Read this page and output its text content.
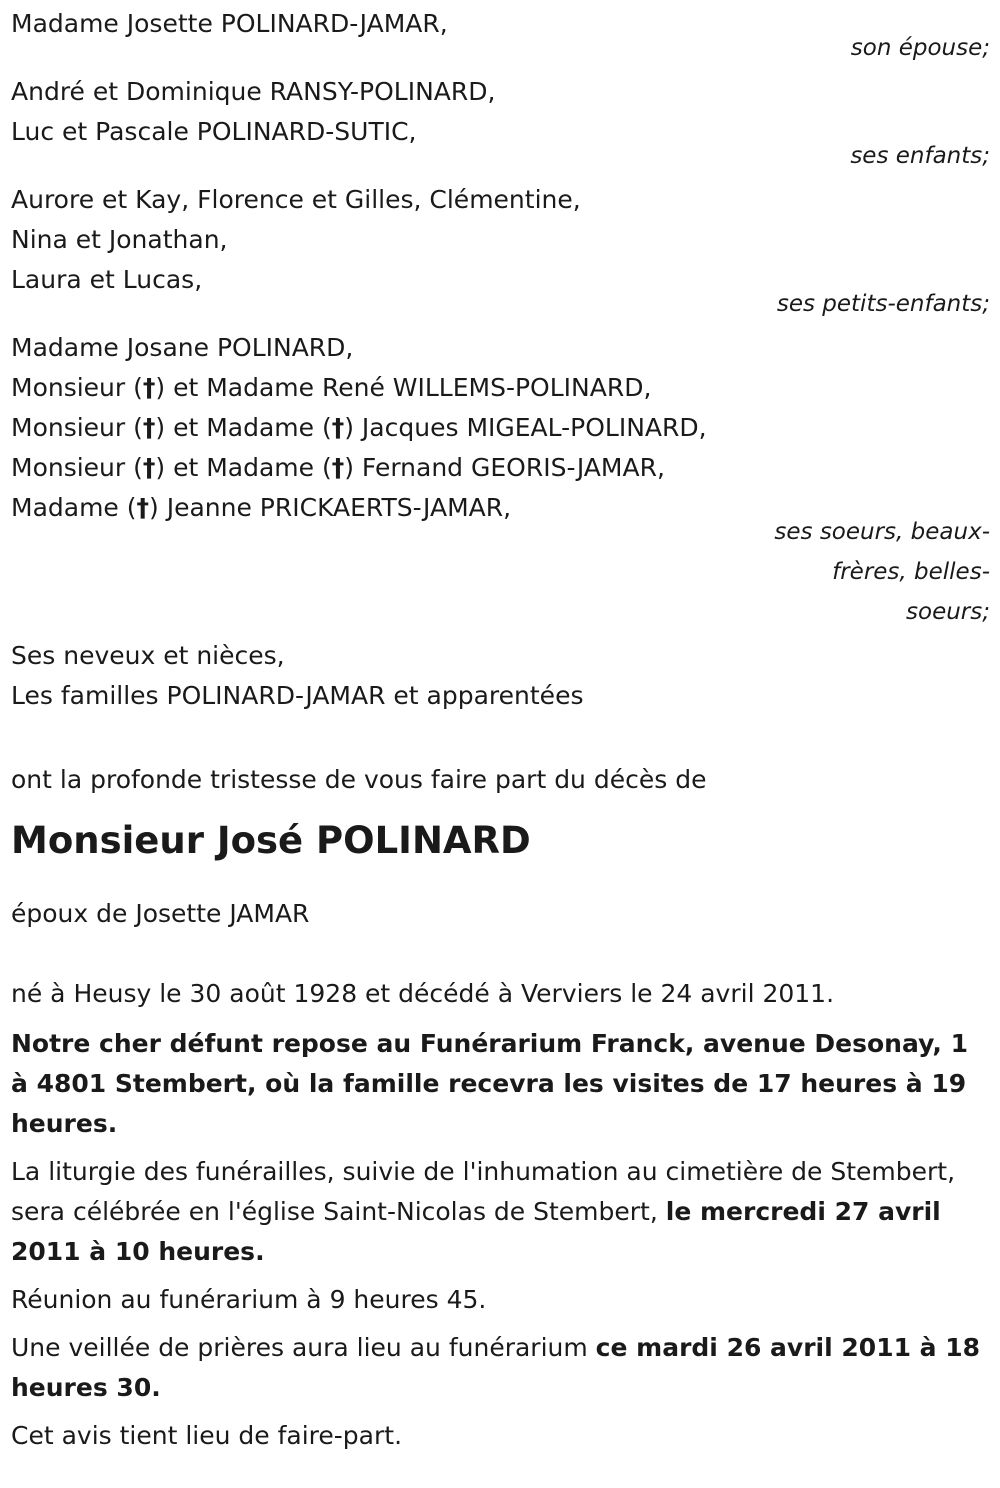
Madame Josette POLINARD-JAMAR,
son épouse;
André et Dominique RANSY-POLINARD,
Luc et Pascale POLINARD-SUTIC,
ses enfants;
Aurore et Kay, Florence et Gilles, Clémentine,
Nina et Jonathan,
Laura et Lucas,
ses petits-enfants;
Madame Josane POLINARD,
Monsieur (†) et Madame René WILLEMS-POLINARD,
Monsieur (†) et Madame (†) Jacques MIGEAL-POLINARD,
Monsieur (†) et Madame (†) Fernand GEORIS-JAMAR,
Madame (†) Jeanne PRICKAERTS-JAMAR,
ses soeurs, beaux-
frères, belles-
soeurs;
Ses neveux et nièces,
Les familles POLINARD-JAMAR et apparentées
ont la profonde tristesse de vous faire part du décès de
Monsieur José POLINARD
époux de Josette JAMAR
né à Heusy le 30 août 1928 et décédé à Verviers le 24 avril 2011.

Notre cher défunt repose au Funérarium Franck, avenue Desonay, 1 à 4801 Stembert, où la famille recevra les visites de 17 heures à 19 heures.

La liturgie des funérailles, suivie de l'inhumation au cimetière de Stembert, sera célébrée en l'église Saint-Nicolas de Stembert, le mercredi 27 avril 2011 à 10 heures.

Réunion au funérarium à 9 heures 45.

Une veillée de prières aura lieu au funérarium ce mardi 26 avril 2011 à 18 heures 30.

Cet avis tient lieu de faire-part.
